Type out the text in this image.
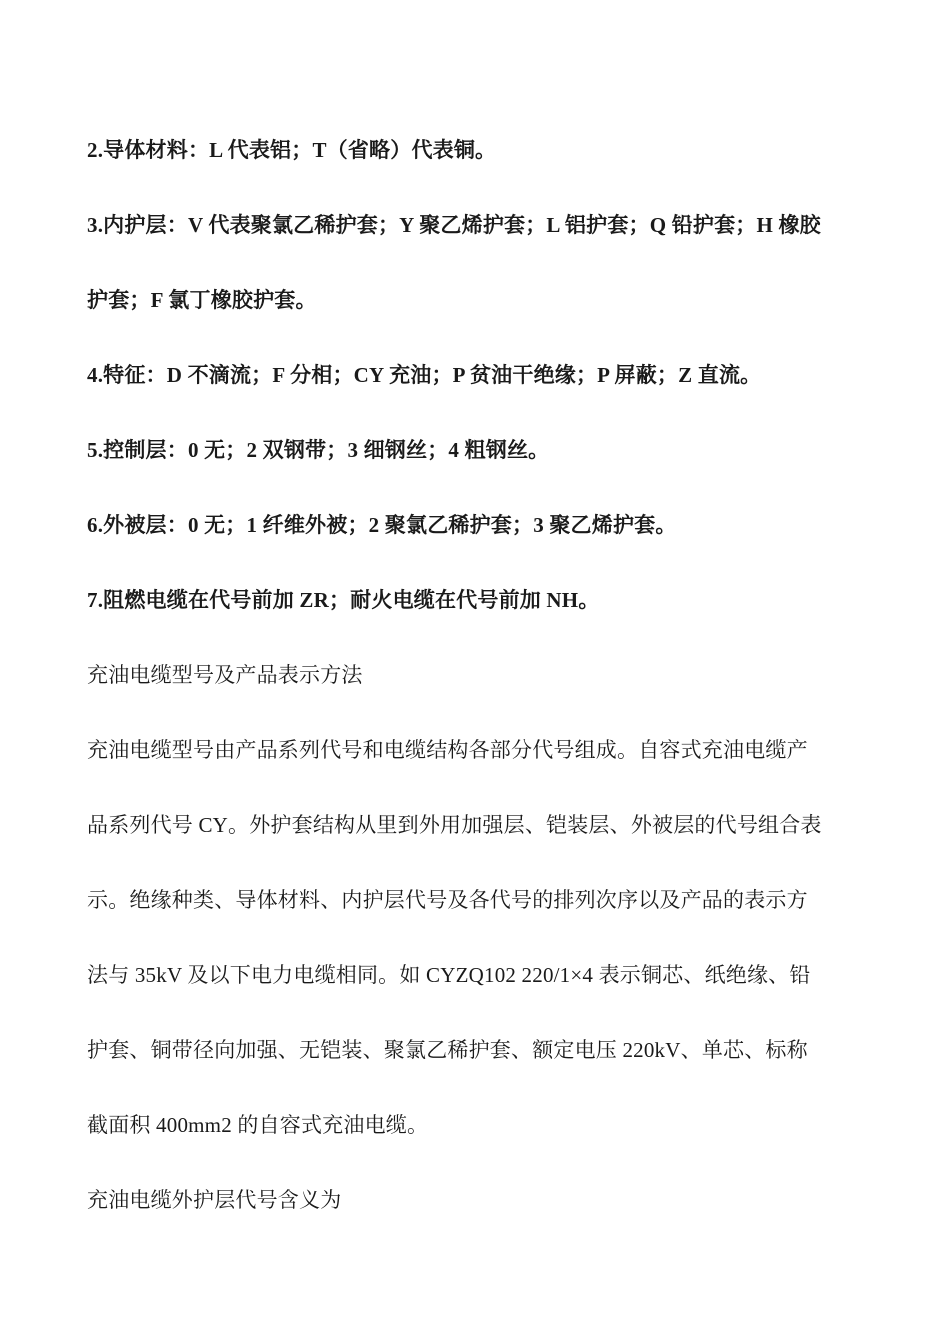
2.导体材料：L 代表铝；T（省略）代表铜。
3.内护层：V 代表聚氯乙稀护套；Y 聚乙烯护套；L 铝护套；Q 铅护套；H 橡胶
护套；F 氯丁橡胶护套。
4.特征：D 不滴流；F 分相；CY 充油；P 贫油干绝缘；P 屏蔽；Z 直流。
5.控制层：0 无；2 双钢带；3 细钢丝；4 粗钢丝。
6.外被层：0 无；1 纤维外被；2 聚氯乙稀护套；3 聚乙烯护套。
7.阻燃电缆在代号前加 ZR；耐火电缆在代号前加 NH。
充油电缆型号及产品表示方法
充油电缆型号由产品系列代号和电缆结构各部分代号组成。自容式充油电缆产
品系列代号 CY。外护套结构从里到外用加强层、铠装层、外被层的代号组合表
示。绝缘种类、导体材料、内护层代号及各代号的排列次序以及产品的表示方
法与 35kV 及以下电力电缆相同。如 CYZQ102 220/1×4 表示铜芯、纸绝缘、铅
护套、铜带径向加强、无铠装、聚氯乙稀护套、额定电压 220kV、单芯、标称
截面积 400mm2 的自容式充油电缆。
充油电缆外护层代号含义为
